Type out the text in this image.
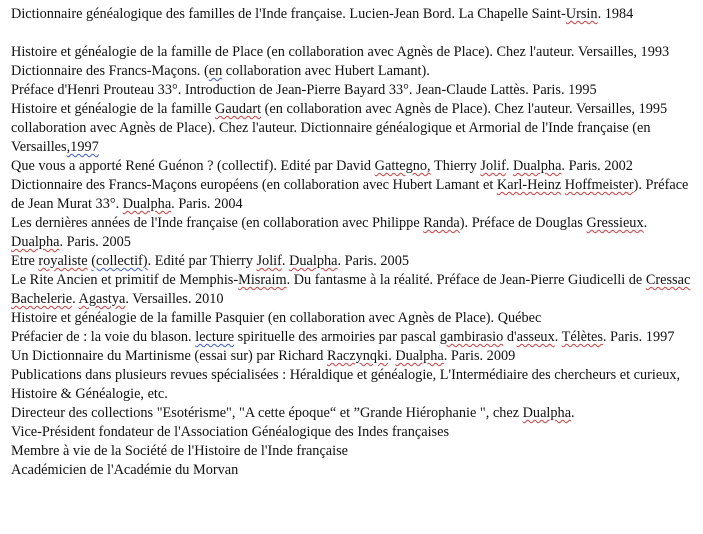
Dictionnaire généalogique des familles de l'Inde française. Lucien-Jean Bord. La Chapelle Saint-Ursin. 1984

Histoire et généalogie de la famille de Place (en collaboration avec Agnès de Place). Chez l'auteur. Versailles, 1993

Dictionnaire des Francs-Maçons. (en collaboration avec Hubert Lamant).

Préface d'Henri Prouteau 33°. Introduction de Jean-Pierre Bayard 33°. Jean-Claude Lattès. Paris. 1995

Histoire et généalogie de la famille Gaudart (en collaboration avec Agnès de Place). Chez l'auteur. Versailles, 1995 collaboration avec Agnès de Place). Chez l'auteur. Dictionnaire généalogique et Armorial de l'Inde française (en Versailles,1997

Que vous a apporté René Guénon ? (collectif). Edité par David Gattegno, Thierry Jolif. Dualpha. Paris. 2002

Dictionnaire des Francs-Maçons européens (en collaboration avec Hubert Lamant et Karl-Heinz Hoffmeister). Préface de Jean Murat 33°. Dualpha. Paris. 2004

Les dernières années de l'Inde française (en collaboration avec Philippe Randa). Préface de Douglas Gressieux. Dualpha. Paris. 2005

Etre royaliste (collectif). Edité par Thierry Jolif. Dualpha. Paris. 2005

Le Rite Ancien et primitif de Memphis-Misraim. Du fantasme à la réalité. Préface de Jean-Pierre Giudicelli de Cressac Bachelerie. Agastya. Versailles. 2010

Histoire et généalogie de la famille Pasquier (en collaboration avec Agnès de Place). Québec

Préfacier de : la voie du blason. lecture spirituelle des armoiries par pascal gambirasio d'asseux. Télètes. Paris. 1997

Un Dictionnaire du Martinisme (essai sur) par Richard Raczynqki. Dualpha. Paris. 2009

Publications dans plusieurs revues spécialisées : Héraldique et généalogie, L'Intermédiaire des chercheurs et curieux, Histoire & Généalogie, etc.

Directeur des collections "Esotérisme", "A cette époque“ et ”Grande Hiérophanie ", chez Dualpha.

Vice-Président fondateur de l'Association Généalogique des Indes françaises

Membre à vie de la Société de l'Histoire de l'Inde française

Académicien de l'Académie du Morvan
